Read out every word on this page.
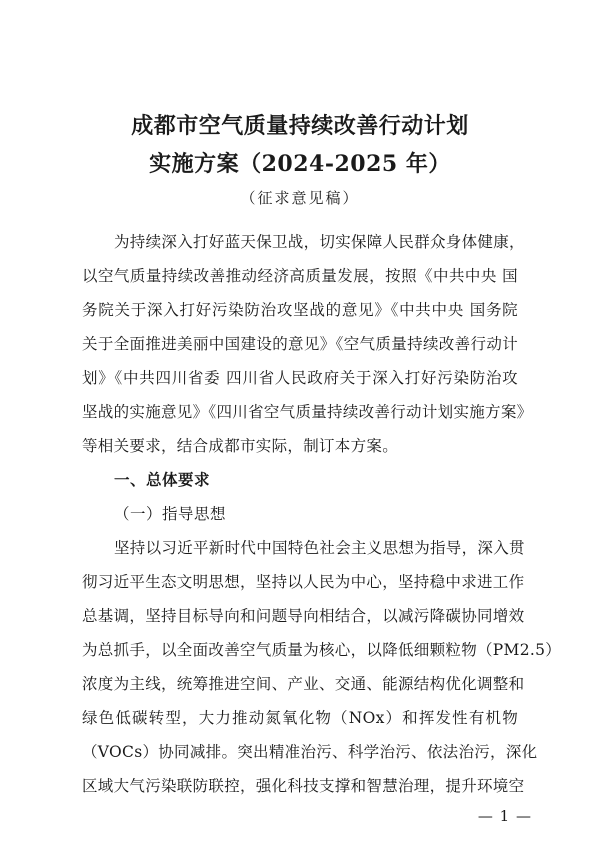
成都市空气质量持续改善行动计划
实施方案（2024-2025 年）
（征求意见稿）
为持续深入打好蓝天保卫战，切实保障人民群众身体健康，
以空气质量持续改善推动经济高质量发展，按照《中共中央 国
务院关于深入打好污染防治攻坚战的意见》《中共中央 国务院
关于全面推进美丽中国建设的意见》《空气质量持续改善行动计
划》《中共四川省委 四川省人民政府关于深入打好污染防治攻
坚战的实施意见》《四川省空气质量持续改善行动计划实施方案》
等相关要求，结合成都市实际，制订本方案。
一、总体要求
（一）指导思想
坚持以习近平新时代中国特色社会主义思想为指导，深入贯
彻习近平生态文明思想，坚持以人民为中心，坚持稳中求进工作
总基调，坚持目标导向和问题导向相结合，以减污降碳协同增效
为总抓手，以全面改善空气质量为核心，以降低细颗粒物（PM2.5）
浓度为主线，统筹推进空间、产业、交通、能源结构优化调整和
绿色低碳转型，大力推动氮氧化物（NOx）和挥发性有机物
（VOCs）协同减排。突出精准治污、科学治污、依法治污，深化
区域大气污染联防联控，强化科技支撑和智慧治理，提升环境空
— 1 —
